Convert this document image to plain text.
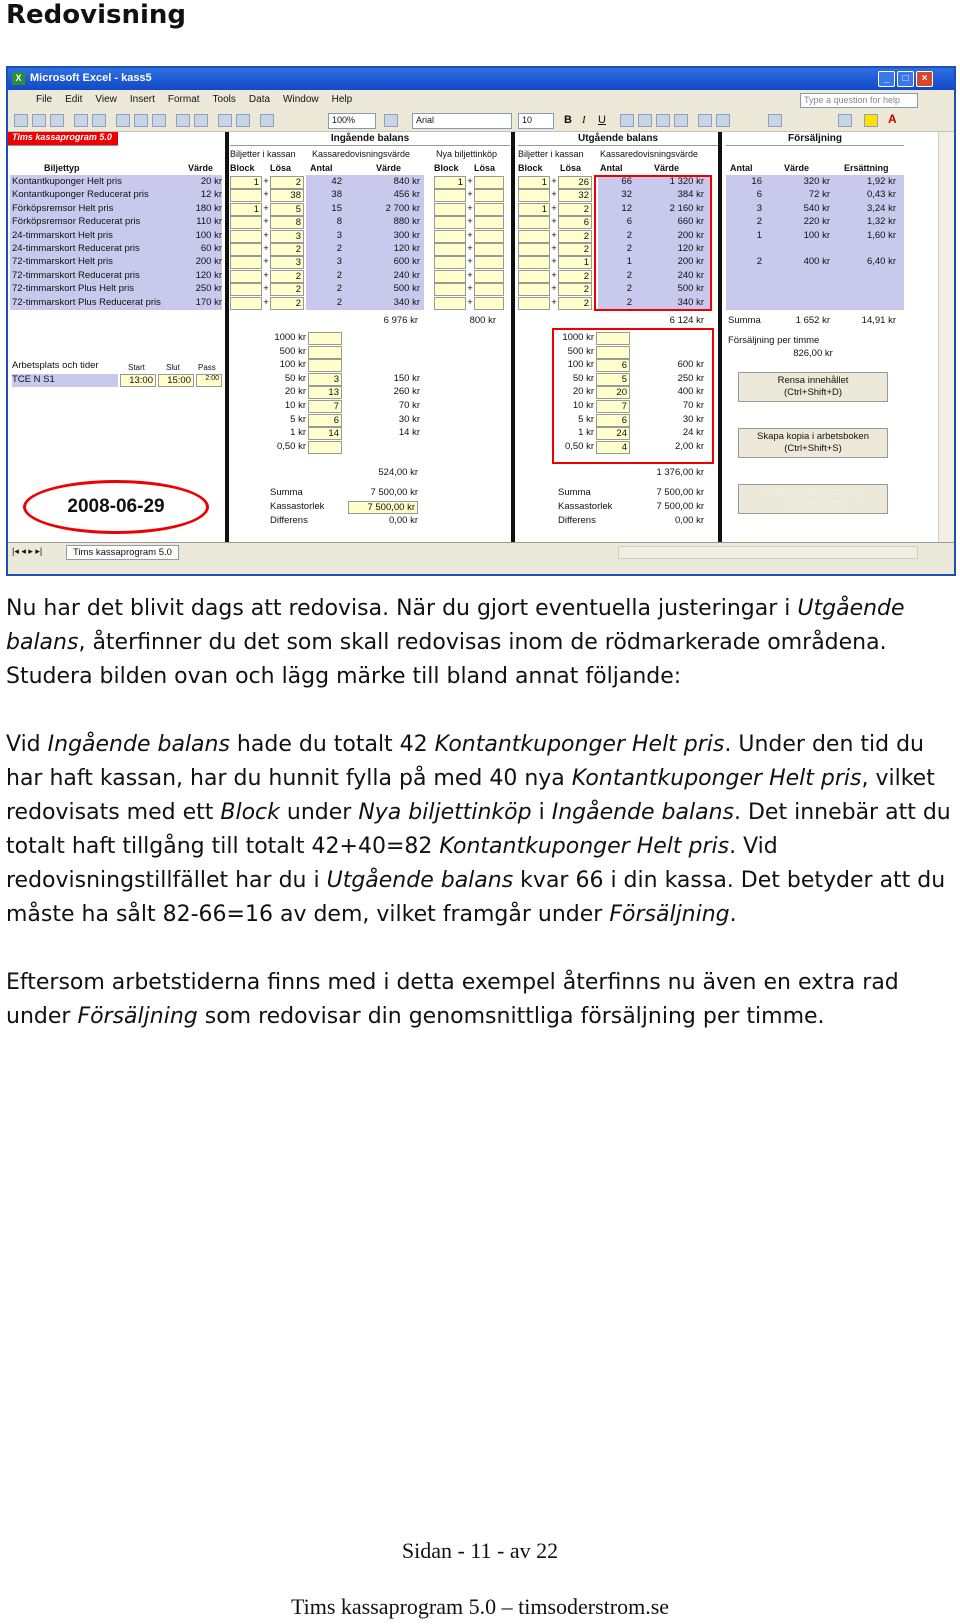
Redovisning
Microsoft Excel - kass5
X	_	□	×
File Edit View Insert Format Tools Data Window Help	Type a question for help
100%	Arial	10	B I U	A
Tims kassaprogram 5.0	Ingående balans	Utgående balans	Försäljning
Biljetter i kassan Kassaredovisningsvärde	Nya biljettinköp Biljetter i kassan Kassaredovisningsvärde
Biljettyp	Värde Block Lösa Antal	Värde	Block Lösa	Block Lösa Antal	Värde	Antal	Värde	Ersättning
Kontantkuponger Helt pris	20 kr	1 +	2	42	840 kr	1 +	1 +	26	66	1 320 kr	16	320 kr	1,92 kr
Kontantkuponger Reducerat pris	12 kr	+	38	38	456 kr	+	+	32	32	384 kr	6	72 kr	0,43 kr
Förköpsremsor Helt pris	180 kr	1 +	5	15	2 700 kr	+	1 +	2	12	2 160 kr	3	540 kr	3,24 kr
Förköpsremsor Reducerat pris	110 kr	+	8	8	880 kr	+	+	6	6	660 kr	2	220 kr	1,32 kr
24-timmarskort Helt pris	100 kr	+	3	3	300 kr	+	+	2	2	200 kr	1	100 kr	1,60 kr
24-timmarskort Reducerat pris	60 kr	+	2	2	120 kr	+	+	2	2	120 kr
72-timmarskort Helt pris	200 kr	+	3	3	600 kr	+	+	1	1	200 kr	2	400 kr	6,40 kr
72-timmarskort Reducerat pris	120 kr	+	2	2	240 kr	+	+	2	2	240 kr
72-timmarskort Plus Helt pris	250 kr	+	2	2	500 kr	+	+	2	2	500 kr
72-timmarskort Plus Reducerat pris	170 kr	+	2	2	340 kr	+	+	2	2	340 kr
6 976 kr	800 kr	6 124 kr	Summa	1 652 kr	14,91 kr
Försäljning per timme
826,00 kr
Rensa innehållet
(Ctrl+Shift+D)
Skapa kopia i arbetsboken
(Ctrl+Shift+S)
Kopiera kassaunderlag
(Ctrl+Shift+C)
Arbetsplats och tider	Start	Slut Pass
TCE N S1	13:00	15:00	2:00
1000 kr	1000 kr
500 kr	500 kr
100 kr	100 kr	6	600 kr
50 kr	3	150 kr	50 kr	5	250 kr
20 kr	13	260 kr	20 kr	20	400 kr
10 kr	7	70 kr	10 kr	7	70 kr
5 kr	6	30 kr	5 kr	6	30 kr
1 kr	14	14 kr	1 kr	24	24 kr
0,50 kr	0,50 kr	4	2,00 kr
524,00 kr	1 376,00 kr
Summa
Kassastorlek
Differens
7 500,00 kr
7 500,00 kr
0,00 kr
Summa
Kassastorlek
Differens
7 500,00 kr
7 500,00 kr
0,00 kr
2008-06-29
|◂ ◂ ▸ ▸|	Tims kassaprogram 5.0
Nu har det blivit dags att redovisa. När du gjort eventuella justeringar i Utgående balans, återfinner du det som skall redovisas inom de rödmarkerade områdena. Studera bilden ovan och lägg märke till bland annat följande:
Vid Ingående balans hade du totalt 42 Kontantkuponger Helt pris. Under den tid du har haft kassan, har du hunnit fylla på med 40 nya Kontantkuponger Helt pris, vilket redovisats med ett Block under Nya biljettinköp i Ingående balans. Det innebär att du totalt haft tillgång till totalt 42+40=82 Kontantkuponger Helt pris. Vid redovisningstillfället har du i Utgående balans kvar 66 i din kassa. Det betyder att du måste ha sålt 82-66=16 av dem, vilket framgår under Försäljning.
Eftersom arbetstiderna finns med i detta exempel återfinns nu även en extra rad under Försäljning som redovisar din genomsnittliga försäljning per timme.
Sidan - 11 - av 22
Tims kassaprogram 5.0 – timsoderstrom.se
